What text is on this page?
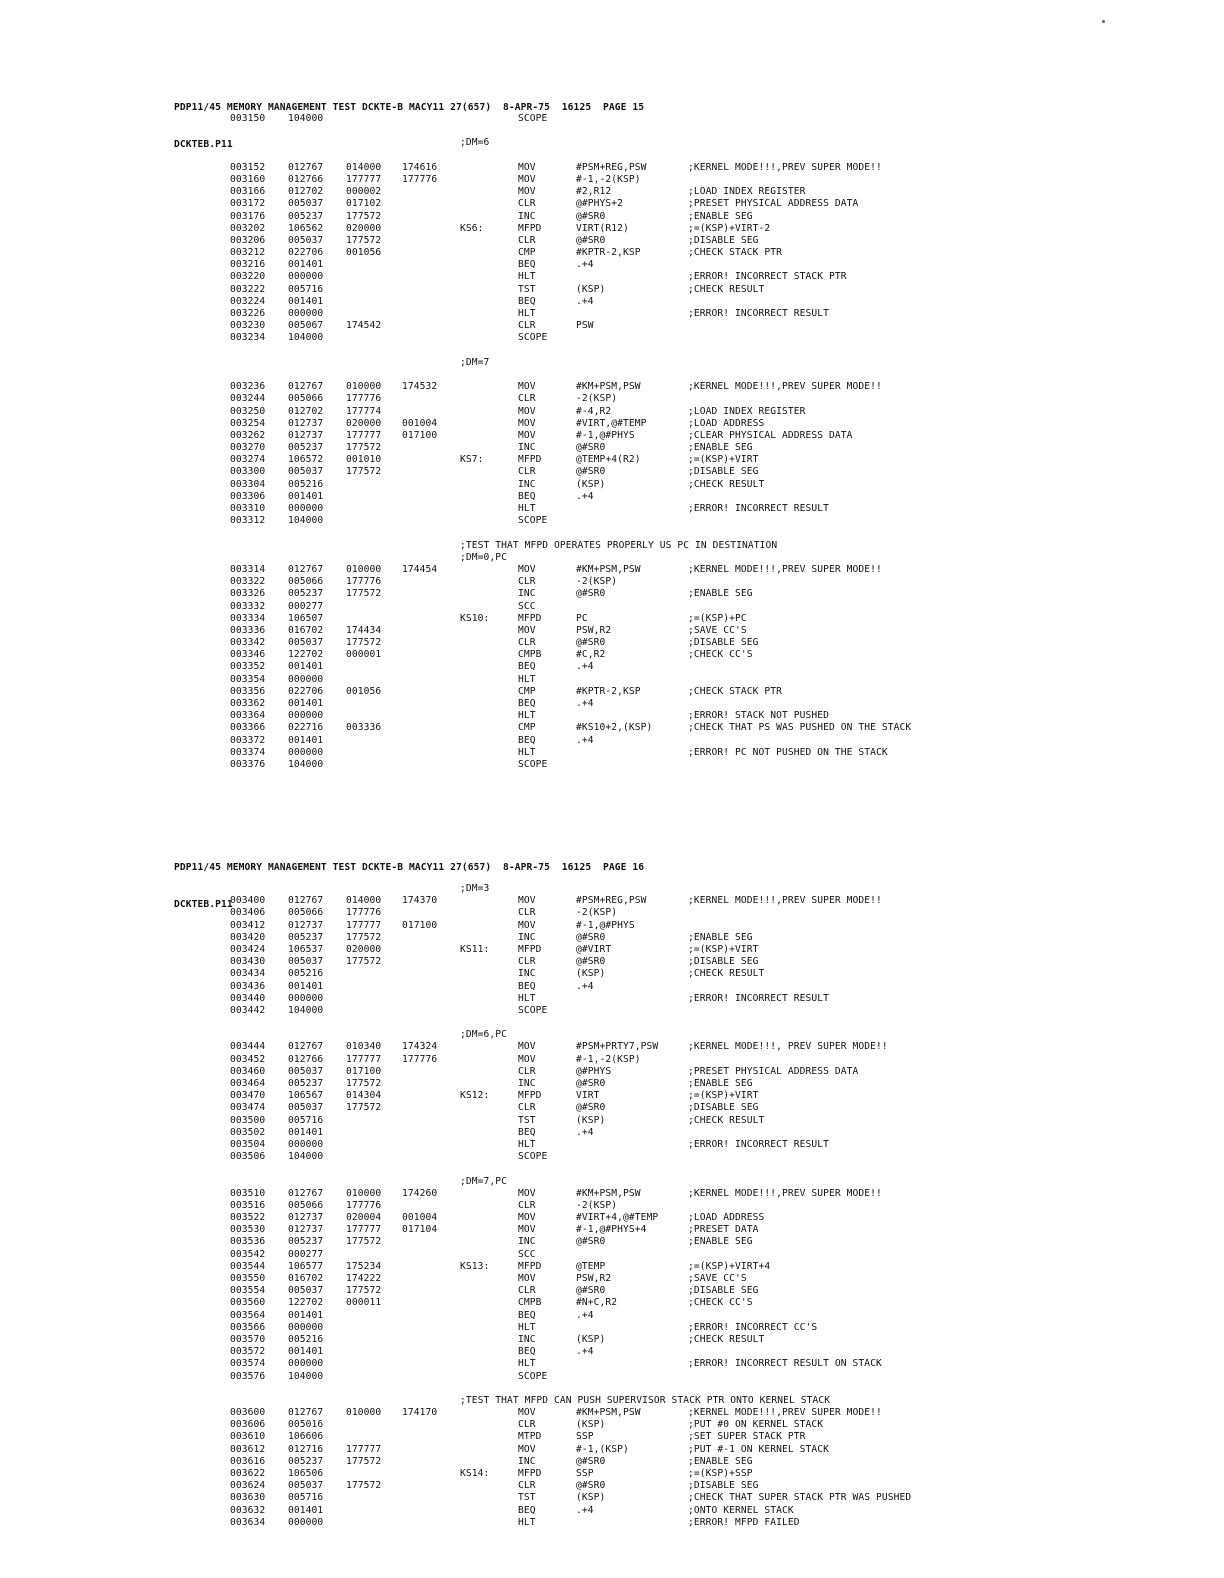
PDP11/45 MEMORY MANAGEMENT TEST DCKTE-B MACY11 27(657)  8-APR-75  16125  PAGE 15

DCKTEB.P11

003150 104000	SCOPE
;DM=6
003152 012767 014000 174616	MOV	#PSM+REG,PSW	;KERNEL MODE!!!,PREV SUPER MODE!!
003160 012766 177777 177776	MOV	#-1,-2(KSP)
003166 012702 000002	MOV	#2,R12	;LOAD INDEX REGISTER
003172 005037 017102	CLR	@#PHYS+2	;PRESET PHYSICAL ADDRESS DATA
003176 005237 177572	INC	@#SR0	;ENABLE SEG
003202 106562 020000	KS6:	MFPD	VIRT(R12)	;=(KSP)+VIRT-2
003206 005037 177572	CLR	@#SR0	;DISABLE SEG
003212 022706 001056	CMP	#KPTR-2,KSP	;CHECK STACK PTR
003216 001401	BEQ	.+4
003220 000000	HLT	;ERROR! INCORRECT STACK PTR
003222 005716	TST	(KSP)	;CHECK RESULT
003224 001401	BEQ	.+4
003226 000000	HLT	;ERROR! INCORRECT RESULT
003230 005067 174542	CLR	PSW
003234 104000	SCOPE
;DM=7
003236 012767 010000 174532	MOV	#KM+PSM,PSW	;KERNEL MODE!!!,PREV SUPER MODE!!
003244 005066 177776	CLR	-2(KSP)
003250 012702 177774	MOV	#-4,R2	;LOAD INDEX REGISTER
003254 012737 020000 001004	MOV	#VIRT,@#TEMP	;LOAD ADDRESS
003262 012737 177777 017100	MOV	#-1,@#PHYS	;CLEAR PHYSICAL ADDRESS DATA
003270 005237 177572	INC	@#SR0	;ENABLE SEG
003274 106572 001010	KS7:	MFPD	@TEMP+4(R2)	;=(KSP)+VIRT
003300 005037 177572	CLR	@#SR0	;DISABLE SEG
003304 005216	INC	(KSP)	;CHECK RESULT
003306 001401	BEQ	.+4
003310 000000	HLT	;ERROR! INCORRECT RESULT
003312 104000	SCOPE
;TEST THAT MFPD OPERATES PROPERLY US PC IN DESTINATION
;DM=0,PC
003314 012767 010000 174454	MOV	#KM+PSM,PSW	;KERNEL MODE!!!,PREV SUPER MODE!!
003322 005066 177776	CLR	-2(KSP)
003326 005237 177572	INC	@#SR0	;ENABLE SEG
003332 000277	SCC
003334 106507	KS10:	MFPD	PC	;=(KSP)+PC
003336 016702 174434	MOV	PSW,R2	;SAVE CC'S
003342 005037 177572	CLR	@#SR0	;DISABLE SEG
003346 122702 000001	CMPB	#C,R2	;CHECK CC'S
003352 001401	BEQ	.+4
003354 000000	HLT
003356 022706 001056	CMP	#KPTR-2,KSP	;CHECK STACK PTR
003362 001401	BEQ	.+4
003364 000000	HLT	;ERROR! STACK NOT PUSHED
003366 022716 003336	CMP	#KS10+2,(KSP)	;CHECK THAT PS WAS PUSHED ON THE STACK
003372 001401	BEQ	.+4
003374 000000	HLT	;ERROR! PC NOT PUSHED ON THE STACK
003376 104000	SCOPE

PDP11/45 MEMORY MANAGEMENT TEST DCKTE-B MACY11 27(657)  8-APR-75  16125  PAGE 16

DCKTEB.P11

;DM=3
003400 012767 014000 174370	MOV	#PSM+REG,PSW	;KERNEL MODE!!!,PREV SUPER MODE!!
003406 005066 177776	CLR	-2(KSP)
003412 012737 177777 017100	MOV	#-1,@#PHYS
003420 005237 177572	INC	@#SR0	;ENABLE SEG
003424 106537 020000	KS11:	MFPD	@#VIRT	;=(KSP)+VIRT
003430 005037 177572	CLR	@#SR0	;DISABLE SEG
003434 005216	INC	(KSP)	;CHECK RESULT
003436 001401	BEQ	.+4
003440 000000	HLT	;ERROR! INCORRECT RESULT
003442 104000	SCOPE
;DM=6,PC
003444 012767 010340 174324	MOV	#PSM+PRTY7,PSW	;KERNEL MODE!!!, PREV SUPER MODE!!
003452 012766 177777 177776	MOV	#-1,-2(KSP)
003460 005037 017100	CLR	@#PHYS	;PRESET PHYSICAL ADDRESS DATA
003464 005237 177572	INC	@#SR0	;ENABLE SEG
003470 106567 014304	KS12:	MFPD	VIRT	;=(KSP)+VIRT
003474 005037 177572	CLR	@#SR0	;DISABLE SEG
003500 005716	TST	(KSP)	;CHECK RESULT
003502 001401	BEQ	.+4
003504 000000	HLT	;ERROR! INCORRECT RESULT
003506 104000	SCOPE
;DM=7,PC
003510 012767 010000 174260	MOV	#KM+PSM,PSW	;KERNEL MODE!!!,PREV SUPER MODE!!
003516 005066 177776	CLR	-2(KSP)
003522 012737 020004 001004	MOV	#VIRT+4,@#TEMP	;LOAD ADDRESS
003530 012737 177777 017104	MOV	#-1,@#PHYS+4	;PRESET DATA
003536 005237 177572	INC	@#SR0	;ENABLE SEG
003542 000277	SCC
003544 106577 175234	KS13:	MFPD	@TEMP	;=(KSP)+VIRT+4
003550 016702 174222	MOV	PSW,R2	;SAVE CC'S
003554 005037 177572	CLR	@#SR0	;DISABLE SEG
003560 122702 000011	CMPB	#N+C,R2	;CHECK CC'S
003564 001401	BEQ	.+4
003566 000000	HLT	;ERROR! INCORRECT CC'S
003570 005216	INC	(KSP)	;CHECK RESULT
003572 001401	BEQ	.+4
003574 000000	HLT	;ERROR! INCORRECT RESULT ON STACK
003576 104000	SCOPE
;TEST THAT MFPD CAN PUSH SUPERVISOR STACK PTR ONTO KERNEL STACK
003600 012767 010000 174170	MOV	#KM+PSM,PSW	;KERNEL MODE!!!,PREV SUPER MODE!!
003606 005016	CLR	(KSP)	;PUT #0 ON KERNEL STACK
003610 106606	MTPD	SSP	;SET SUPER STACK PTR
003612 012716 177777	MOV	#-1,(KSP)	;PUT #-1 ON KERNEL STACK
003616 005237 177572	INC	@#SR0	;ENABLE SEG
003622 106506	KS14:	MFPD	SSP	;=(KSP)+SSP
003624 005037 177572	CLR	@#SR0	;DISABLE SEG
003630 005716	TST	(KSP)	;CHECK THAT SUPER STACK PTR WAS PUSHED
003632 001401	BEQ	.+4	;ONTO KERNEL STACK
003634 000000	HLT	;ERROR! MFPD FAILED
